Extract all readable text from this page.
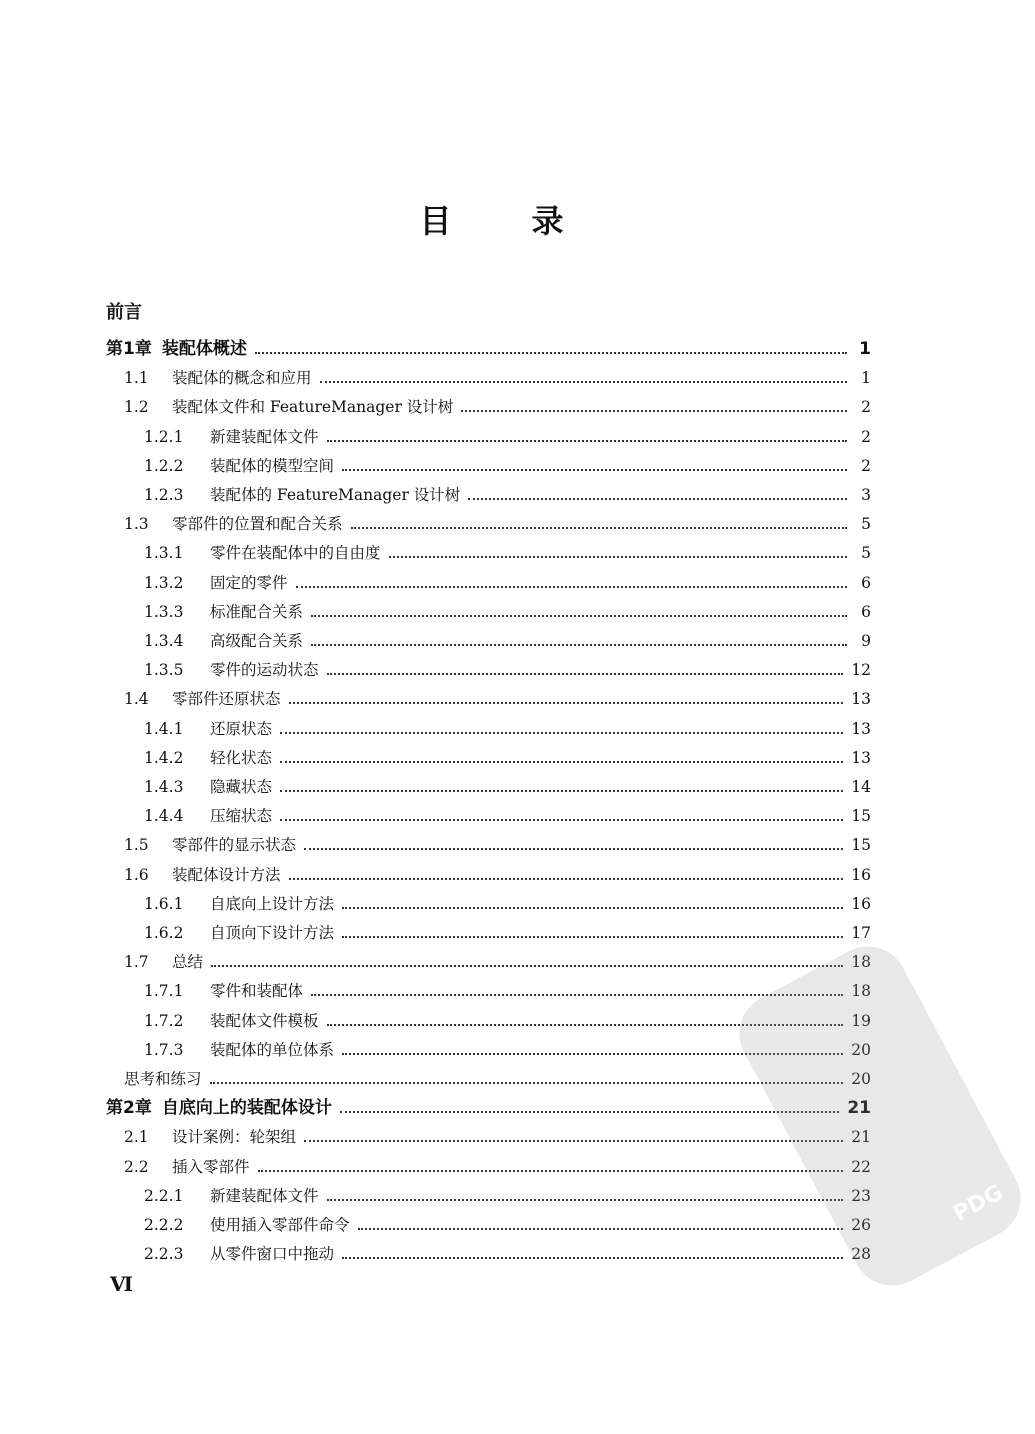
目	录
前言
第1章 装配体概述	1
1.1	装配体的概念和应用	1
1.2	装配体文件和 FeatureManager 设计树	2
1.2.1	新建装配体文件	2
1.2.2	装配体的模型空间	2
1.2.3	装配体的 FeatureManager 设计树	3
1.3	零部件的位置和配合关系	5
1.3.1	零件在装配体中的自由度	5
1.3.2	固定的零件	6
1.3.3	标准配合关系	6
1.3.4	高级配合关系	9
1.3.5	零件的运动状态	12
1.4	零部件还原状态	13
1.4.1	还原状态	13
1.4.2	轻化状态	13
1.4.3	隐藏状态	14
1.4.4	压缩状态	15
1.5	零部件的显示状态	15
1.6	装配体设计方法	16
1.6.1	自底向上设计方法	16
1.6.2	自顶向下设计方法	17
1.7	总结	18
1.7.1	零件和装配体	18
1.7.2	装配体文件模板	19
1.7.3	装配体的单位体系	20
思考和练习	20
第2章 自底向上的装配体设计	21
2.1	设计案例：轮架组	21
2.2	插入零部件	22
2.2.1	新建装配体文件	23
2.2.2	使用插入零部件命令	26
2.2.3	从零件窗口中拖动	28
Ⅵ
PDG
